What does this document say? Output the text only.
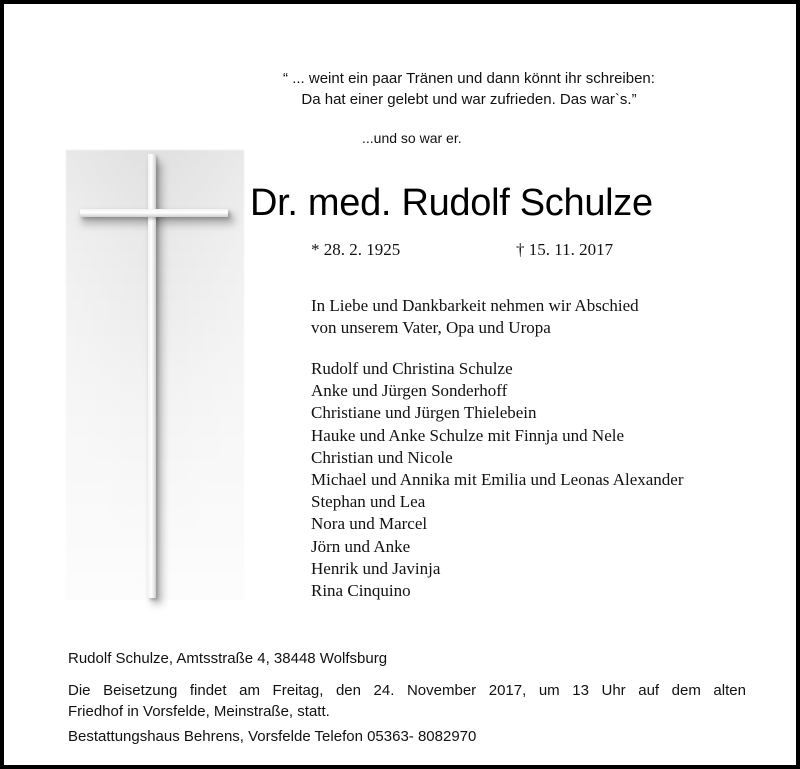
“ ... weint ein paar Tränen und dann könnt ihr schreiben:
Da hat einer gelebt und war zufrieden. Das war`s.”
...und so war er.
Dr. med. Rudolf Schulze
* 28. 2. 1925	† 15. 11. 2017
In Liebe und Dankbarkeit nehmen wir Abschied
von unserem Vater, Opa und Uropa
Rudolf und Christina Schulze
Anke und Jürgen Sonderhoff
Christiane und Jürgen Thielebein
Hauke und Anke Schulze mit Finnja und Nele
Christian und Nicole
Michael und Annika mit Emilia und Leonas Alexander
Stephan und Lea
Nora und Marcel
Jörn und Anke
Henrik und Javinja
Rina Cinquino
Rudolf Schulze, Amtsstraße 4, 38448 Wolfsburg
Die Beisetzung findet am Freitag, den 24. November 2017, um 13 Uhr auf dem alten
Friedhof in Vorsfelde, Meinstraße, statt.
Bestattungshaus Behrens, Vorsfelde Telefon 05363- 8082970
